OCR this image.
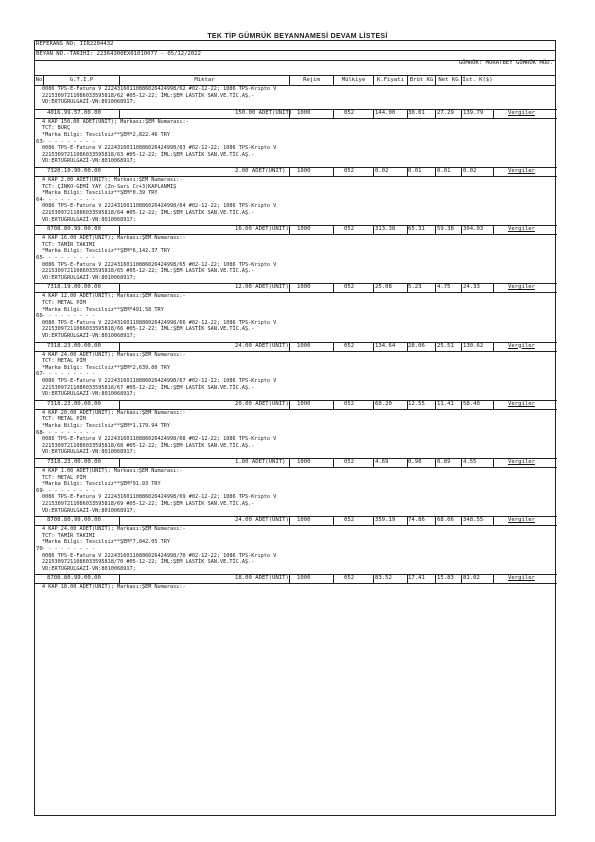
TEK TİP GÜMRÜK BEYANNAMESİ DEVAM LİSTESİ
REFERANS NO: IIR2204432
BEYAN NO.-TARİHİ: 22364300EX01010077 - 05/12/2022
GÜMRÜK: MURATBEY GÜMRÜK MÜD.
No	G.T.I.P	Miktar	Rejim	Mülkiye	K.Fiyatı	Brüt KG Net KG İst. K($)
0086 TPS-E-Fatura V 22243160110886026424998/62 #02-12-22; 1086 TPS-Kripto V
22153097211086033595818/62 #05-12-22; İML:ŞEM LASTİK SAN.VE.TİC.AŞ.-
VD:ERTUĞRULGAZİ-VN:8010068917;
4016.99.57.00.00	150.00 ADET(UNIT) 1000	052	144.00 30.01 27.29 139.79	Vergiler
4 KAP 150.00 ADET(UNIT); Markası:ŞEM Numarası:-
TCT: BURÇ
*Marka Bilgi: Tescilsiz**ŞEM*2,822.46 TRY
- - - - - - - - -
0086 TPS-E-Fatura V 22243160110886026424998/63 #02-12-22; 1086 TPS-Kripto V
22153097211086033595818/63 #05-12-22; İML:ŞEM LASTİK SAN.VE.TİC.AŞ.-
VD:ERTUĞRULGAZİ-VN:8010068917;
63
7320.10.90.00.00	2.00 ADET(UNIT) 1000	052	0.02	0.01	0.01 0.02	Vergiler
4 KAP 2.00 ADET(UNIT); Markası:ŞEM Numarası:-
TCT: ÇİNKO-GEMİ YAY (Zn-Sarı Cr+3)KAPLANMIŞ
*Marka Bilgi: Tescilsiz**ŞEM*0.39 TRY
- - - - - - - - -
0086 TPS-E-Fatura V 22243160110886026424998/64 #02-12-22; 1086 TPS-Kripto V
22153097211086033595818/64 #05-12-22; İML:ŞEM LASTİK SAN.VE.TİC.AŞ.-
VD:ERTUĞRULGAZİ-VN:8010068917;
64
8708.80.99.00.00	16.00 ADET(UNIT) 1000	052	313.38 65.31 59.38 304.03	Vergiler
4 KAP 16.00 ADET(UNIT); Markası:ŞEM Numarası:-
TCT: TAMİR TAKIMI
*Marka Bilgi: Tescilsiz**ŞEM*6,142.37 TRY
- - - - - - - - -
0086 TPS-E-Fatura V 22243160110886026424998/65 #02-12-22; 1086 TPS-Kripto V
22153097211086033595818/65 #05-12-22; İML:ŞEM LASTİK SAN.VE.TİC.AŞ.-
VD:ERTUĞRULGAZİ-VN:8010068917;
65
7318.19.00.00.00	12.00 ADET(UNIT) 1000	052	25.08	5.23	4.75 24.33	Vergiler
4 KAP 12.00 ADET(UNIT); Markası:ŞEM Numarası:-
TCT: METAL PİM
*Marka Bilgi: Tescilsiz**ŞEM*491.58 TRY
- - - - - - - - -
0086 TPS-E-Fatura V 22243160110886026424998/66 #02-12-22; 1086 TPS-Kripto V
22153097211086033595818/66 #05-12-22; İML:ŞEM LASTİK SAN.VE.TİC.AŞ.-
VD:ERTUĞRULGAZİ-VN:8010068917;
66
7318.23.00.00.00	24.00 ADET(UNIT) 1000	052	134.64 28.06 25.51 130.62	Vergiler
4 KAP 24.00 ADET(UNIT); Markası:ŞEM Numarası:-
TCT: METAL PİM
*Marka Bilgi: Tescilsiz**ŞEM*2,639.00 TRY
- - - - - - - - -
0086 TPS-E-Fatura V 22243160110886026424998/67 #02-12-22; 1086 TPS-Kripto V
22153097211086033595818/67 #05-12-22; İML:ŞEM LASTİK SAN.VE.TİC.AŞ.-
VD:ERTUĞRULGAZİ-VN:8010068917;
67
7318.23.00.00.00	20.00 ADET(UNIT) 1000	052	60.20	12.55 11.41 58.40	Vergiler
4 KAP 20.00 ADET(UNIT); Markası:ŞEM Numarası:-
TCT: METAL PİM
*Marka Bilgi: Tescilsiz**ŞEM*1,179.94 TRY
- - - - - - - - -
0086 TPS-E-Fatura V 22243160110886026424998/68 #02-12-22; 1086 TPS-Kripto V
22153097211086033595818/68 #05-12-22; İML:ŞEM LASTİK SAN.VE.TİC.AŞ.-
VD:ERTUĞRULGAZİ-VN:8010068917;
68
7318.23.00.00.00	1.00 ADET(UNIT) 1000	052	4.69	0.98	0.89 4.55	Vergiler
4 KAP 1.00 ADET(UNIT); Markası:ŞEM Numarası:-
TCT: METAL PİM
*Marka Bilgi: Tescilsiz**ŞEM*91.93 TRY
- - - - - - - - -
0086 TPS-E-Fatura V 22243160110886026424998/69 #02-12-22; 1086 TPS-Kripto V
22153097211086033595818/69 #05-12-22; İML:ŞEM LASTİK SAN.VE.TİC.AŞ.-
VD:ERTUĞRULGAZİ-VN:8010068917;
69
8708.80.99.00.00	24.00 ADET(UNIT) 1000	052	359.19 74.86 68.06 348.55	Vergiler
4 KAP 24.00 ADET(UNIT); Markası:ŞEM Numarası:-
TCT: TAMİR TAKIMI
*Marka Bilgi: Tescilsiz**ŞEM*7,042.05 TRY
- - - - - - - - -
0086 TPS-E-Fatura V 22243160110886026424998/70 #02-12-22; 1086 TPS-Kripto V
22153097211086033595818/70 #05-12-22; İML:ŞEM LASTİK SAN.VE.TİC.AŞ.-
VD:ERTUĞRULGAZİ-VN:8010068917;
70
8708.80.99.00.00	18.00 ADET(UNIT) 1000	052	83.52	17.41 15.83 81.02	Vergiler
4 KAP 18.00 ADET(UNIT); Markası:ŞEM Numarası:-
